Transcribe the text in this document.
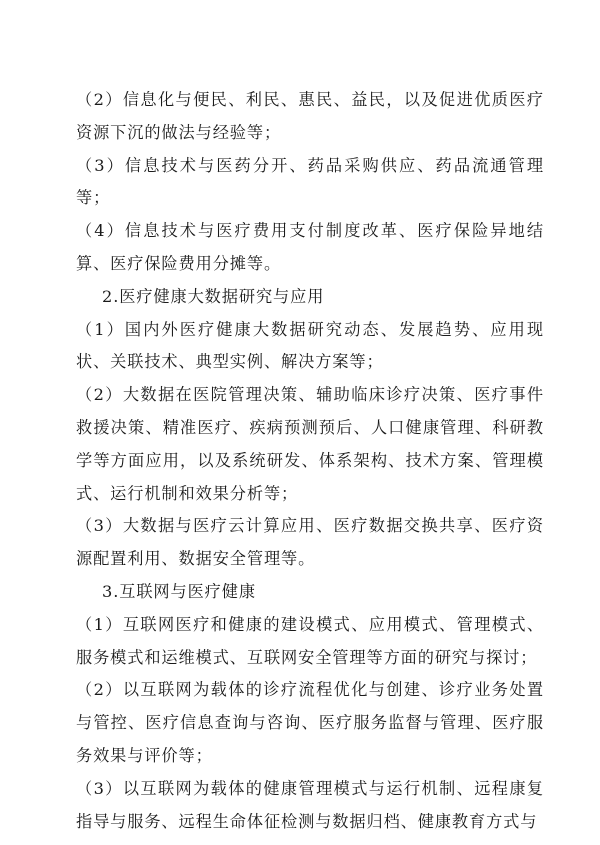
（2）信息化与便民、利民、惠民、益民，以及促进优质医疗资源下沉的做法与经验等；

（3）信息技术与医药分开、药品采购供应、药品流通管理等；

（4）信息技术与医疗费用支付制度改革、医疗保险异地结算、医疗保险费用分摊等。

2.医疗健康大数据研究与应用

（1）国内外医疗健康大数据研究动态、发展趋势、应用现状、关联技术、典型实例、解决方案等；

（2）大数据在医院管理决策、辅助临床诊疗决策、医疗事件救援决策、精准医疗、疾病预测预后、人口健康管理、科研教学等方面应用，以及系统研发、体系架构、技术方案、管理模式、运行机制和效果分析等；

（3）大数据与医疗云计算应用、医疗数据交换共享、医疗资源配置利用、数据安全管理等。

3.互联网与医疗健康

（1）互联网医疗和健康的建设模式、应用模式、管理模式、服务模式和运维模式、互联网安全管理等方面的研究与探讨；

（2）以互联网为载体的诊疗流程优化与创建、诊疗业务处置与管控、医疗信息查询与咨询、医疗服务监督与管理、医疗服务效果与评价等；

（3）以互联网为载体的健康管理模式与运行机制、远程康复指导与服务、远程生命体征检测与数据归档、健康教育方式与
